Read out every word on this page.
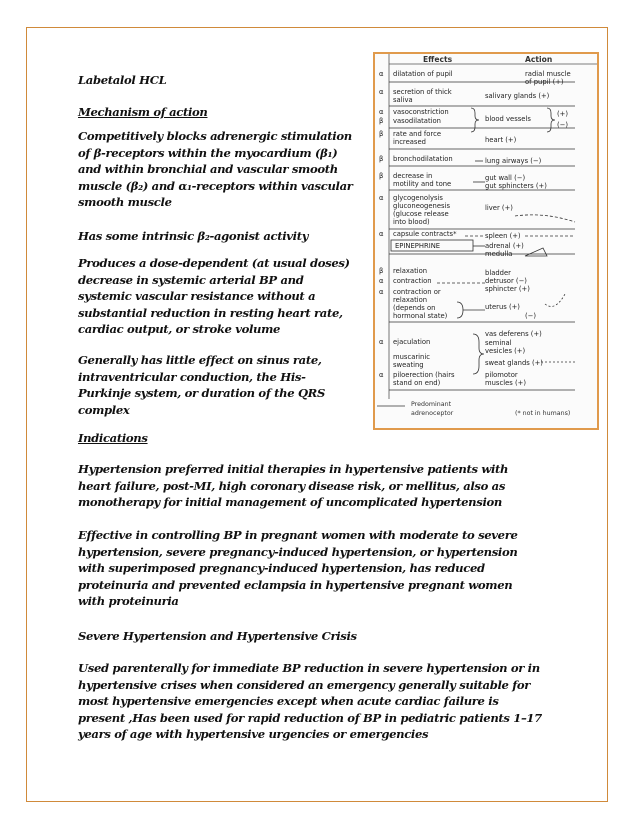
Labetalol HCL

Mechanism of action

Competitively blocks adrenergic stimulation
of β-receptors within the myocardium (β₁)
and within bronchial and vascular smooth
muscle (β₂) and α₁-receptors within vascular
smooth muscle

Has some intrinsic β₂-agonist activity

Produces a dose-dependent (at usual doses)
decrease in systemic arterial BP and
systemic vascular resistance without a
substantial reduction in resting heart rate,
cardiac output, or stroke volume

Generally has little effect on sinus rate,
intraventricular conduction, the His-
Purkinje system, or duration of the QRS
complex

Indications

Hypertension preferred initial therapies in hypertensive patients with
heart failure, post-MI, high coronary disease risk, or mellitus, also as
monotherapy for initial management of uncomplicated hypertension

Effective in controlling BP in pregnant women with moderate to severe
hypertension, severe pregnancy-induced hypertension, or hypertension
with superimposed pregnancy-induced hypertension, has reduced
proteinuria and prevented eclampsia in hypertensive pregnant women
with proteinuria

Severe Hypertension and Hypertensive Crisis

Used parenterally for immediate BP reduction in severe hypertension or in
hypertensive crises when considered an emergency generally suitable for
most hypertensive emergencies except when acute cardiac failure is
present ,Has been used for rapid reduction of BP in pediatric patients 1–17
years of age with hypertensive urgencies or emergencies

Effects	Action
α dilatation of pupil
α secretion of thick
saliva
α vasoconstriction
β vasodilatation
β rate and force
increased
β bronchodilatation
β decrease in
motility and tone
α glycogenolysis
gluconeogenesis
(glucose release
into blood)
α capsule contracts*
EPINEPHRINE
β relaxation
α contraction
α contraction or
relaxation
(depends on
hormonal state)
α ejaculation
muscarinic
sweating
α piloerection (hairs
stand on end)
radial muscle
of pupil (+)
salivary glands (+)
blood vessels
(+)
(−)
heart (+)
lung airways (−)
gut wall (−)
gut sphincters (+)
liver (+)
spleen (+)
adrenal (+)
medulla
bladder
detrusor (−)
sphincter (+)
uterus (+)
(−)
vas deferens (+)
seminal
vesicles (+)
sweat glands (+)
pilomotor
muscles (+)
Predominant
adrenoceptor	(* not in humans)
